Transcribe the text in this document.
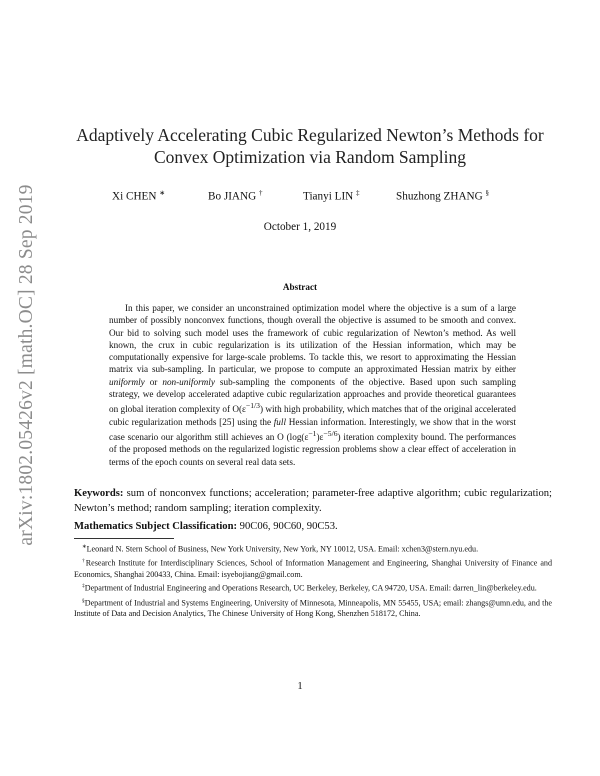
arXiv:1802.05426v2 [math.OC] 28 Sep 2019
Adaptively Accelerating Cubic Regularized Newton’s Methods for
Convex Optimization via Random Sampling
Xi CHEN ∗	Bo JIANG †	Tianyi LIN ‡	Shuzhong ZHANG §
October 1, 2019
Abstract

In this paper, we consider an unconstrained optimization model where the objective is a sum of a large number of possibly nonconvex functions, though overall the objective is assumed to be smooth and convex. Our bid to solving such model uses the framework of cubic regularization of Newton’s method. As well known, the crux in cubic regularization is its utilization of the Hessian information, which may be computationally expensive for large-scale problems. To tackle this, we resort to approximating the Hessian matrix via sub-sampling. In particular, we propose to compute an approximated Hessian matrix by either uniformly or non-uniformly sub-sampling the components of the objective. Based upon such sampling strategy, we develop accelerated adaptive cubic regularization approaches and provide theoretical guarantees on global iteration complexity of $O(\varepsilon^{-1/3})$ with high probability, which matches that of the original accelerated cubic regularization methods [25] using the full Hessian information. Interestingly, we show that in the worst case scenario our algorithm still achieves an O $(\log(\varepsilon^{-1})\varepsilon^{-5/6})$ iteration complexity bound. The performances of the proposed methods on the regularized logistic regression problems show a clear effect of acceleration in terms of the epoch counts on several real data sets.

Keywords: sum of nonconvex functions; acceleration; parameter-free adaptive algorithm; cubic regularization; Newton’s method; random sampling; iteration complexity.

Mathematics Subject Classification: 90C06, 90C60, 90C53.

∗Leonard N. Stern School of Business, New York University, New York, NY 10012, USA. Email: xchen3@stern.nyu.edu.

†Research Institute for Interdisciplinary Sciences, School of Information Management and Engineering, Shanghai University of Finance and Economics, Shanghai 200433, China. Email: isyebojiang@gmail.com.

‡Department of Industrial Engineering and Operations Research, UC Berkeley, Berkeley, CA 94720, USA. Email: darren_lin@berkeley.edu.

§Department of Industrial and Systems Engineering, University of Minnesota, Minneapolis, MN 55455, USA; email: zhangs@umn.edu, and the Institute of Data and Decision Analytics, The Chinese University of Hong Kong, Shenzhen 518172, China.

1
